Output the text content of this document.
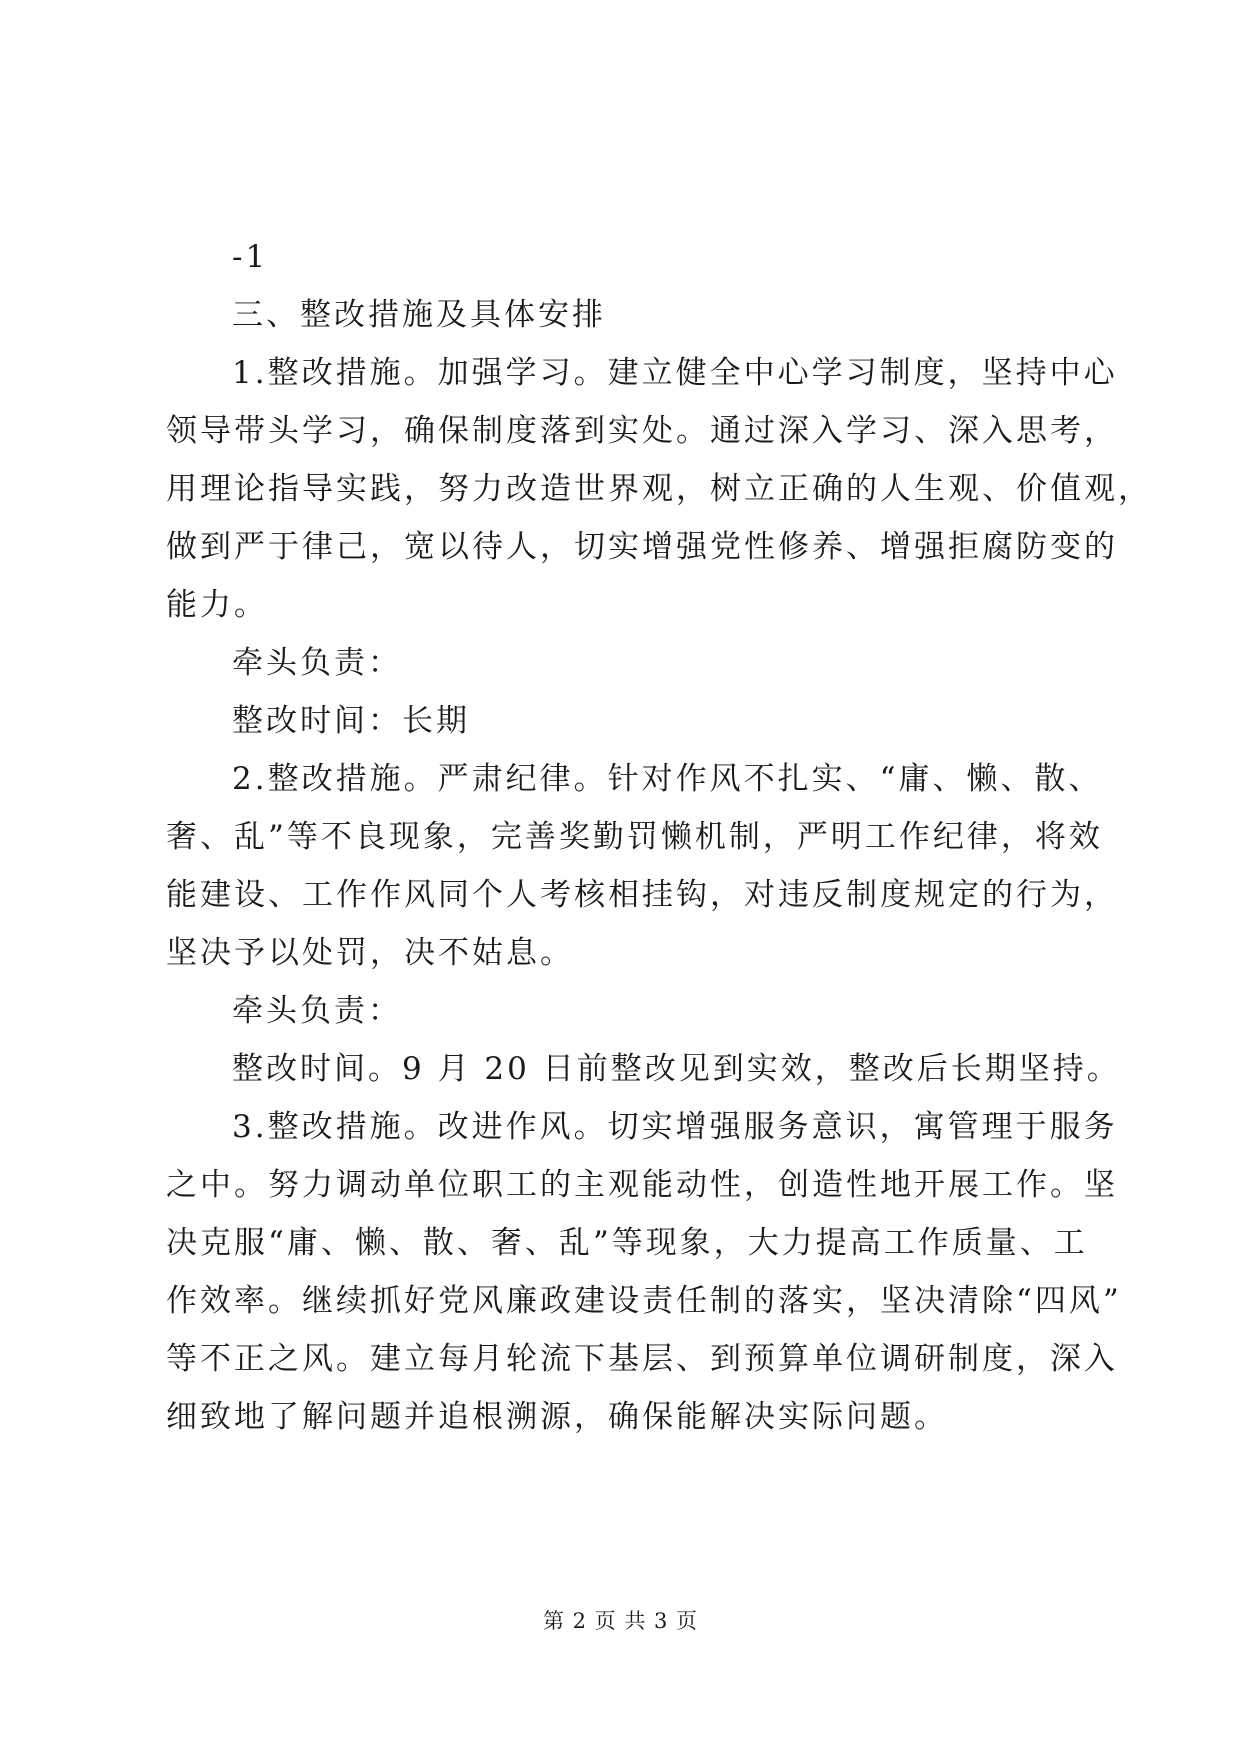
-1
三、整改措施及具体安排
1.整改措施。加强学习。建立健全中心学习制度，坚持中心
领导带头学习，确保制度落到实处。通过深入学习、深入思考，
用理论指导实践，努力改造世界观，树立正确的人生观、价值观，
做到严于律己，宽以待人，切实增强党性修养、增强拒腐防变的
能力。
牵头负责：
整改时间：长期
2.整改措施。严肃纪律。针对作风不扎实、“庸、懒、散、
奢、乱”等不良现象，完善奖勤罚懒机制，严明工作纪律，将效
能建设、工作作风同个人考核相挂钩，对违反制度规定的行为，
坚决予以处罚，决不姑息。
牵头负责：
整改时间。9 月 20 日前整改见到实效，整改后长期坚持。
3.整改措施。改进作风。切实增强服务意识，寓管理于服务
之中。努力调动单位职工的主观能动性，创造性地开展工作。坚
决克服“庸、懒、散、奢、乱”等现象，大力提高工作质量、工
作效率。继续抓好党风廉政建设责任制的落实，坚决清除“四风”
等不正之风。建立每月轮流下基层、到预算单位调研制度，深入
细致地了解问题并追根溯源，确保能解决实际问题。
第 2 页 共 3 页
